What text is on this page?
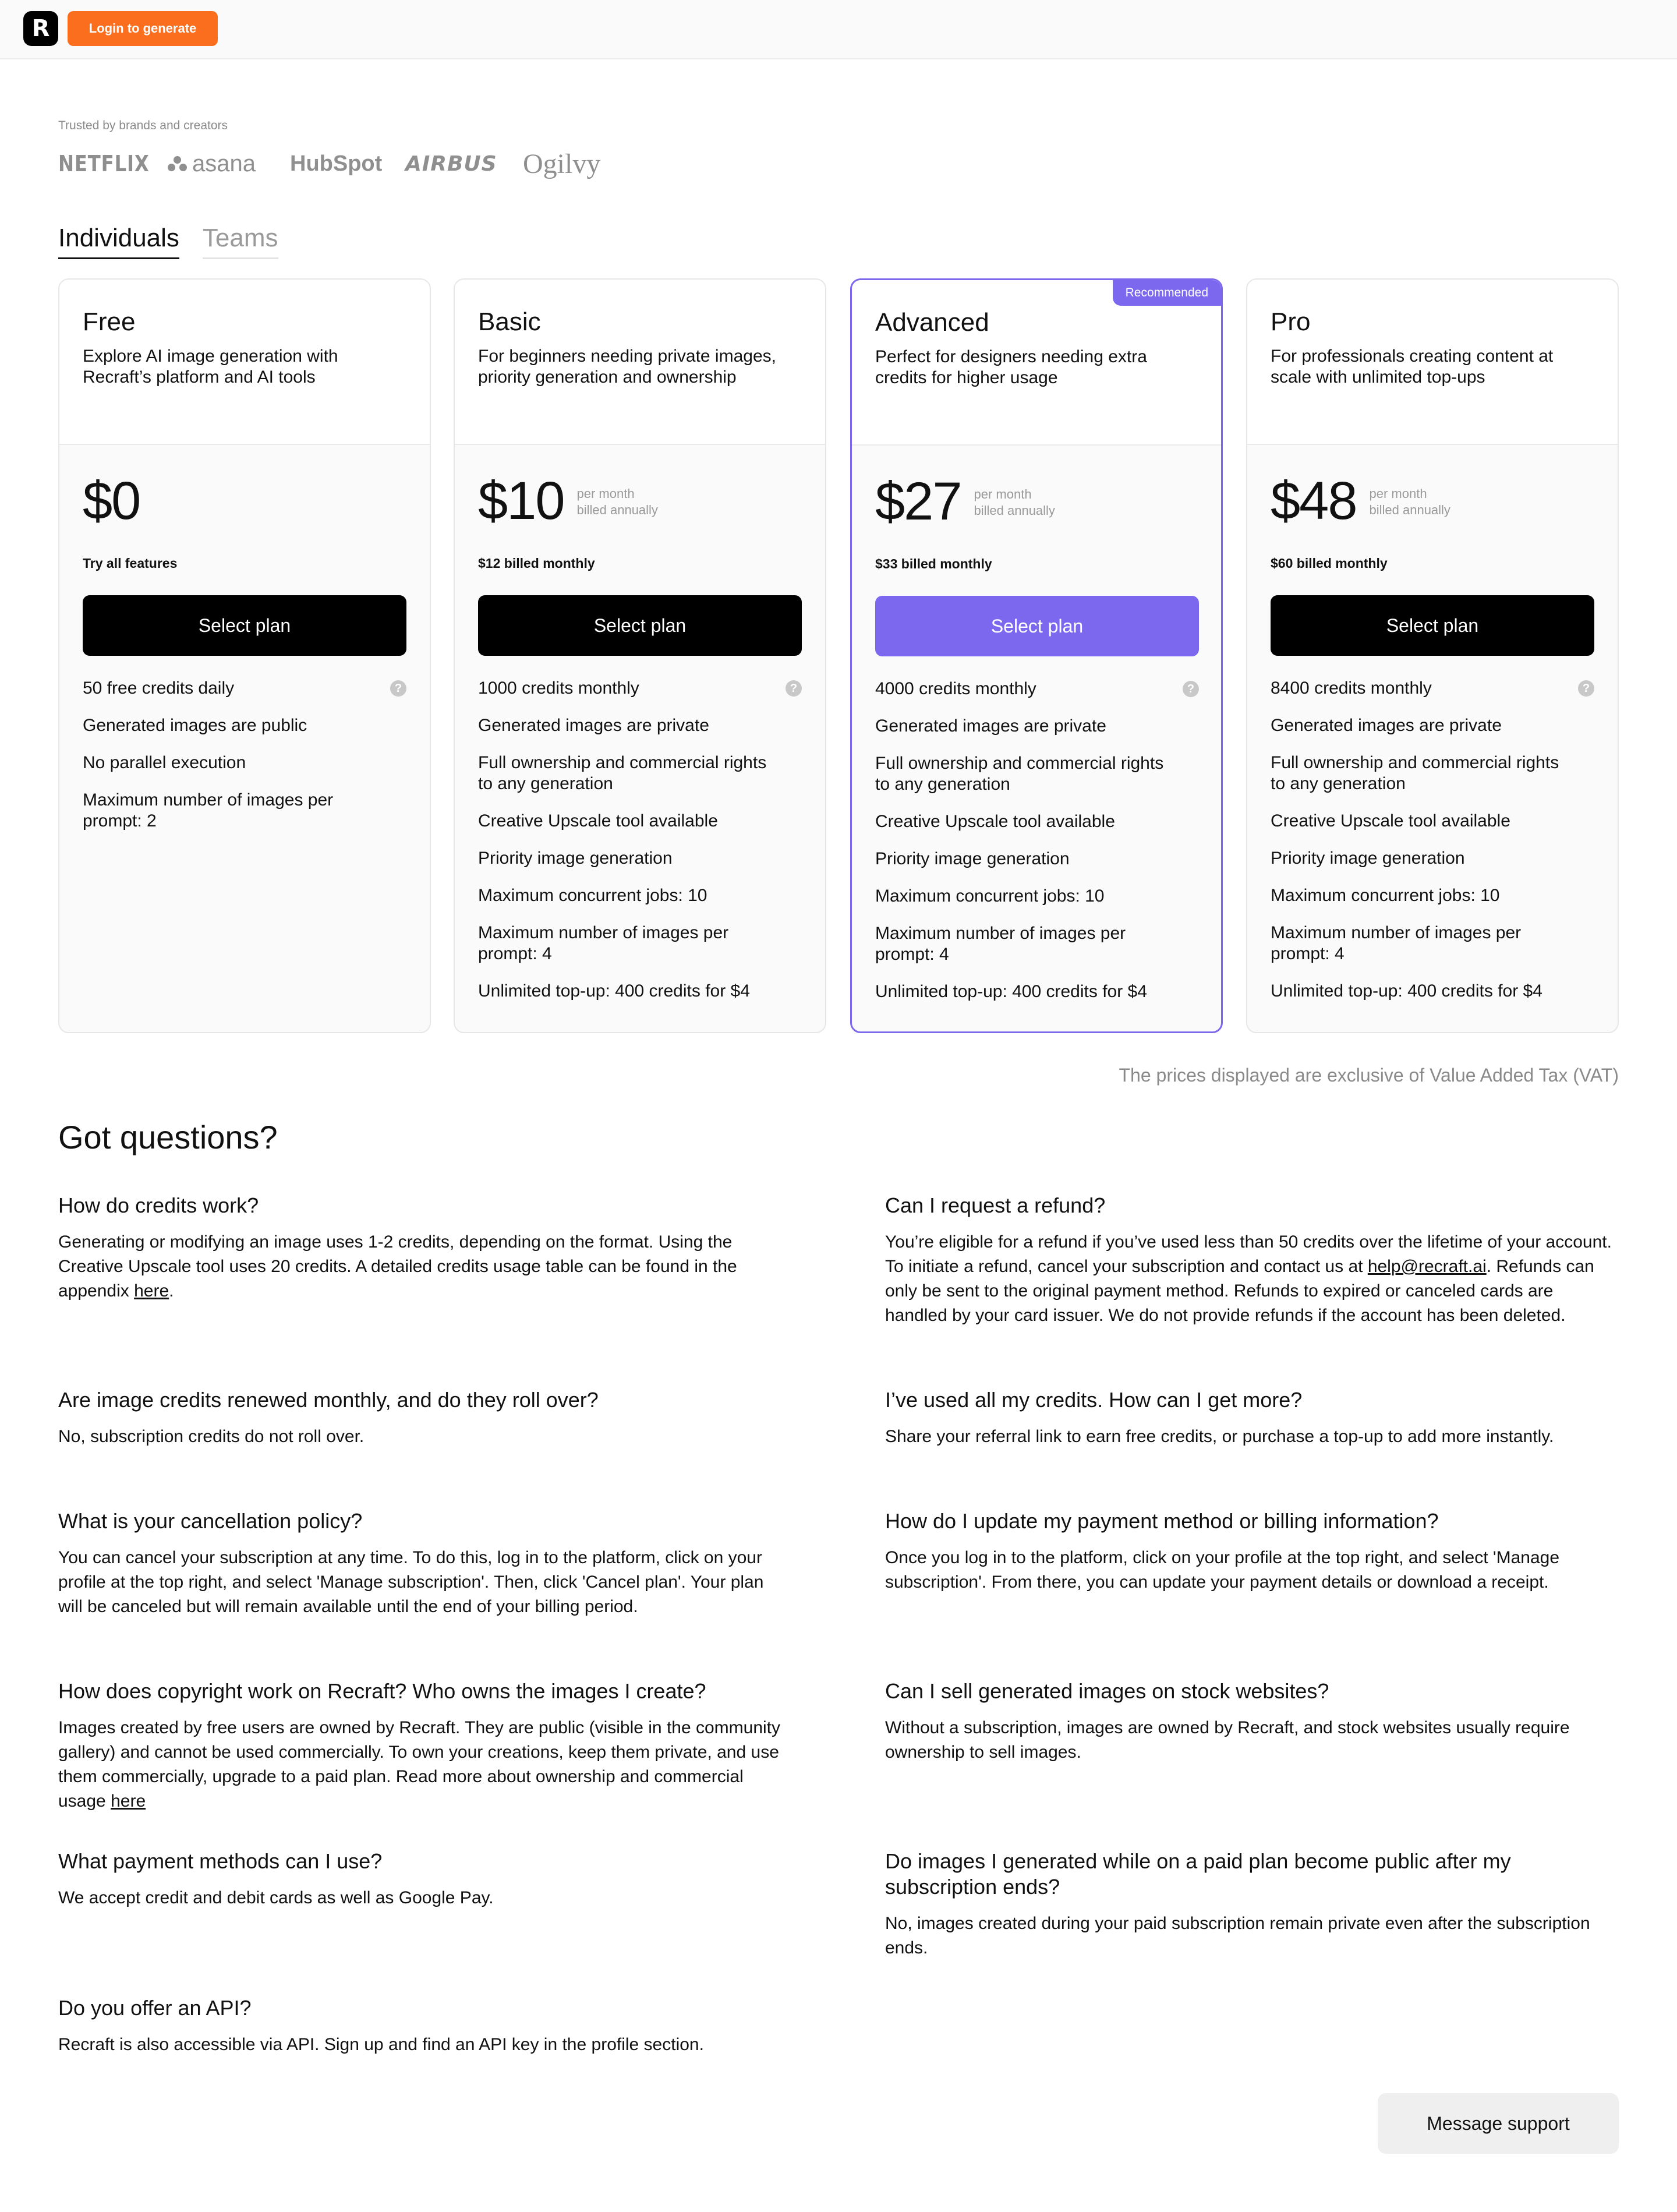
R	Login to generate
Trusted by brands and creators
NETFLIX asana HubSpot AIRBUS Ogilvy
Individuals Teams
Free
Explore AI image generation with Recraft’s platform and AI tools
$0
Try all features
Select plan
50 free credits daily	?
Generated images are public
No parallel execution
Maximum number of images per prompt: 2
Basic
For beginners needing private images, priority generation and ownership
$10 per month
billed annually
$12 billed monthly
Select plan
1000 credits monthly	?
Generated images are private
Full ownership and commercial rights to any generation
Creative Upscale tool available
Priority image generation
Maximum concurrent jobs: 10
Maximum number of images per prompt: 4
Unlimited top-up: 400 credits for $4
Advanced
Perfect for designers needing extra credits for higher usage
Recommended
$27 per month
billed annually
$33 billed monthly
Select plan
4000 credits monthly	?
Generated images are private
Full ownership and commercial rights to any generation
Creative Upscale tool available
Priority image generation
Maximum concurrent jobs: 10
Maximum number of images per prompt: 4
Unlimited top-up: 400 credits for $4
Pro
For professionals creating content at scale with unlimited top-ups
$48 per month
billed annually
$60 billed monthly
Select plan
8400 credits monthly	?
Generated images are private
Full ownership and commercial rights to any generation
Creative Upscale tool available
Priority image generation
Maximum concurrent jobs: 10
Maximum number of images per prompt: 4
Unlimited top-up: 400 credits for $4
The prices displayed are exclusive of Value Added Tax (VAT)
Got questions?
How do credits work?

Generating or modifying an image uses 1-2 credits, depending on the format. Using the Creative Upscale tool uses 20 credits. A detailed credits usage table can be found in the appendix here.

Can I request a refund?

You’re eligible for a refund if you’ve used less than 50 credits over the lifetime of your account. To initiate a refund, cancel your subscription and contact us at help@recraft.ai. Refunds can only be sent to the original payment method. Refunds to expired or canceled cards are handled by your card issuer. We do not provide refunds if the account has been deleted.

Are image credits renewed monthly, and do they roll over?

No, subscription credits do not roll over.

I’ve used all my credits. How can I get more?

Share your referral link to earn free credits, or purchase a top-up to add more instantly.

What is your cancellation policy?

You can cancel your subscription at any time. To do this, log in to the platform, click on your profile at the top right, and select 'Manage subscription'. Then, click 'Cancel plan'. Your plan will be canceled but will remain available until the end of your billing period.

How do I update my payment method or billing information?

Once you log in to the platform, click on your profile at the top right, and select 'Manage subscription'. From there, you can update your payment details or download a receipt.

How does copyright work on Recraft? Who owns the images I create?

Images created by free users are owned by Recraft. They are public (visible in the community gallery) and cannot be used commercially. To own your creations, keep them private, and use them commercially, upgrade to a paid plan. Read more about ownership and commercial usage here

Can I sell generated images on stock websites?

Without a subscription, images are owned by Recraft, and stock websites usually require ownership to sell images.

What payment methods can I use?

We accept credit and debit cards as well as Google Pay.

Do images I generated while on a paid plan become public after my subscription ends?

No, images created during your paid subscription remain private even after the subscription ends.

Do you offer an API?

Recraft is also accessible via API. Sign up and find an API key in the profile section.

Message support
